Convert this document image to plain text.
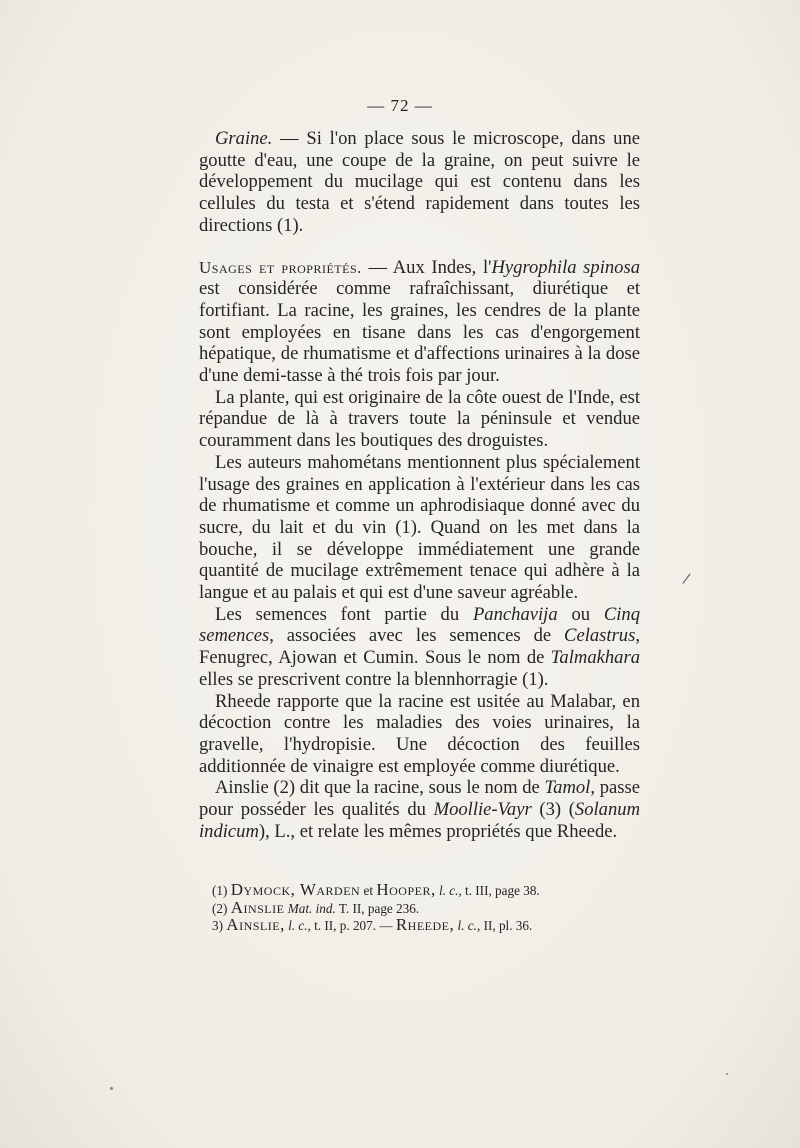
— 72 —

Graine. — Si l'on place sous le microscope, dans une goutte d'eau, une coupe de la graine, on peut suivre le développement du mucilage qui est contenu dans les cellules du testa et s'étend rapidement dans toutes les directions (1).

Usages et propriétés. — Aux Indes, l'Hygrophila spinosa est considérée comme rafraîchissant, diurétique et fortifiant. La racine, les graines, les cendres de la plante sont employées en tisane dans les cas d'engorgement hépatique, de rhumatisme et d'affections urinaires à la dose d'une demi-tasse à thé trois fois par jour.

La plante, qui est originaire de la côte ouest de l'Inde, est répandue de là à travers toute la péninsule et vendue couramment dans les boutiques des droguistes.

Les auteurs mahométans mentionnent plus spécialement l'usage des graines en application à l'extérieur dans les cas de rhumatisme et comme un aphrodisiaque donné avec du sucre, du lait et du vin (1). Quand on les met dans la bouche, il se développe immédiatement une grande quantité de mucilage extrêmement tenace qui adhère à la langue et au palais et qui est d'une saveur agréable.

Les semences font partie du Panchavija ou Cinq semences, associées avec les semences de Celastrus, Fenugrec, Ajowan et Cumin. Sous le nom de Talmakhara elles se prescrivent contre la blennhorragie (1).

Rheede rapporte que la racine est usitée au Malabar, en décoction contre les maladies des voies urinaires, la gravelle, l'hydropisie. Une décoction des feuilles additionnée de vinaigre est employée comme diurétique.

Ainslie (2) dit que la racine, sous le nom de Tamol, passe pour posséder les qualités du Moollie-Vayr (3) (Solanum indicum), L., et relate les mêmes propriétés que Rheede.

(1) Dymock, Warden et Hooper, l. c., t. III, page 38.
(2) Ainslie Mat. ind. T. II, page 236.
3) Ainslie, l. c., t. II, p. 207. — Rheede, l. c., II, pl. 36.
/
